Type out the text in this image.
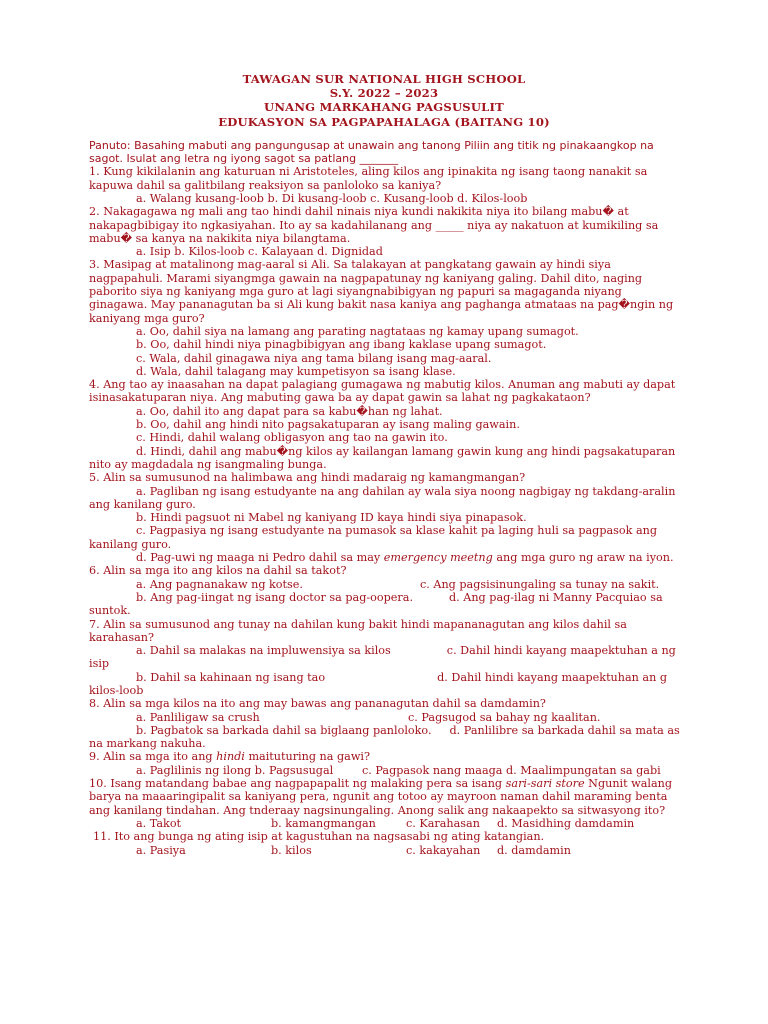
TAWAGAN SUR NATIONAL HIGH SCHOOL
S.Y. 2022 – 2023
UNANG MARKAHANG PAGSUSULIT
EDUKASYON SA PAGPAPAHALAGA (BAITANG 10)
Panuto: Basahing mabuti ang pangungusap at unawain ang tanong Piliin ang titik ng pinakaangkop na sagot. Isulat ang letra ng iyong sagot sa patlang _______
1. Kung kikilalanin ang katuruan ni Aristoteles, aling kilos ang ipinakita ng isang taong nanakit sa kapuwa dahil sa galitbilang reaksiyon sa panloloko sa kaniya?
a. Walang kusang-loob b. Di kusang-loob c. Kusang-loob d. Kilos-loob
2. Nakagagawa ng mali ang tao hindi dahil ninais niya kundi nakikita niya ito bilang mabu� at nakapagbibigay ito ngkasiyahan. Ito ay sa kadahilanang ang _____ niya ay nakatuon at kumikiling sa mabu� sa kanya na nakikita niya bilangtama.
a. Isip b. Kilos-loob c. Kalayaan d. Dignidad
3. Masipag at matalinong mag-aaral si Ali. Sa talakayan at pangkatang gawain ay hindi siya nagpapahuli. Marami siyangmga gawain na nagpapatunay ng kaniyang galing. Dahil dito, naging paborito siya ng kaniyang mga guro at lagi siyangnabibigyan ng papuri sa magaganda niyang ginagawa. May pananagutan ba si Ali kung bakit nasa kaniya ang paghanga atmataas na pag�ngin ng kaniyang mga guro?
a. Oo, dahil siya na lamang ang parating nagtataas ng kamay upang sumagot.
b. Oo, dahil hindi niya pinagbibigyan ang ibang kaklase upang sumagot.
c. Wala, dahil ginagawa niya ang tama bilang isang mag-aaral.
d. Wala, dahil talagang may kumpetisyon sa isang klase.
4. Ang tao ay inaasahan na dapat palagiang gumagawa ng mabutig kilos. Anuman ang mabuti ay dapat isinasakatuparan niya. Ang mabuting gawa ba ay dapat gawin sa lahat ng pagkakataon?
a. Oo, dahil ito ang dapat para sa kabu�han ng lahat.
b. Oo, dahil ang hindi nito pagsakatuparan ay isang maling gawain.
c. Hindi, dahil walang obligasyon ang tao na gawin ito.
d. Hindi, dahil ang mabu�ng kilos ay kailangan lamang gawin kung ang hindi pagsakatuparan nito ay magdadala ng isangmaling bunga.
5. Alin sa sumusunod na halimbawa ang hindi madaraig ng kamangmangan?
a. Pagliban ng isang estudyante na ang dahilan ay wala siya noong nagbigay ng takdang-aralin ang kanilang guro.
b. Hindi pagsuot ni Mabel ng kaniyang ID kaya hindi siya pinapasok.
c. Pagpasiya ng isang estudyante na pumasok sa klase kahit pa laging huli sa pagpasok ang kanilang guro.
d. Pag-uwi ng maaga ni Pedro dahil sa may emergency meetng ang mga guro ng araw na iyon.
6. Alin sa mga ito ang kilos na dahil sa takot?
a. Ang pagnanakaw ng kotse.	c. Ang pagsisinungaling sa tunay na sakit.
b. Ang pag-iingat ng isang doctor sa pag-oopera.	d. Ang pag-ilag ni Manny Pacquiao sa suntok.
7. Alin sa sumusunod ang tunay na dahilan kung bakit hindi mapananagutan ang kilos dahil sa karahasan?
a. Dahil sa malakas na impluwensiya sa kilos	c. Dahil hindi kayang maapektuhan a ng isip
b. Dahil sa kahinaan ng isang tao	d. Dahil hindi kayang maapektuhan an g kilos-loob
8. Alin sa mga kilos na ito ang may bawas ang pananagutan dahil sa damdamin?
a. Panliligaw sa crush	c. Pagsugod sa bahay ng kaalitan.
b. Pagbatok sa barkada dahil sa biglaang panloloko. d. Panlilibre sa barkada dahil sa mata as na markang nakuha.
9. Alin sa mga ito ang hindi maituturing na gawi?
a. Paglilinis ng ilong b. Pagsusugal	c. Pagpasok nang maaga d. Maalimpungatan sa gabi
10. Isang matandang babae ang nagpapapalit ng malaking pera sa isang sari-sari store Ngunit walang barya na maaaringipalit sa kaniyang pera, ngunit ang totoo ay mayroon naman dahil maraming benta ang kanilang tindahan. Ang tnderaay nagsinungaling. Anong salik ang nakaapekto sa sitwasyong ito?
a. Takot	b. kamangmangan	c. Karahasan d. Masidhing damdamin
11. Ito ang bunga ng ating isip at kagustuhan na nagsasabi ng ating katangian.
a. Pasiya	b. kilos	c. kakayahan d. damdamin
